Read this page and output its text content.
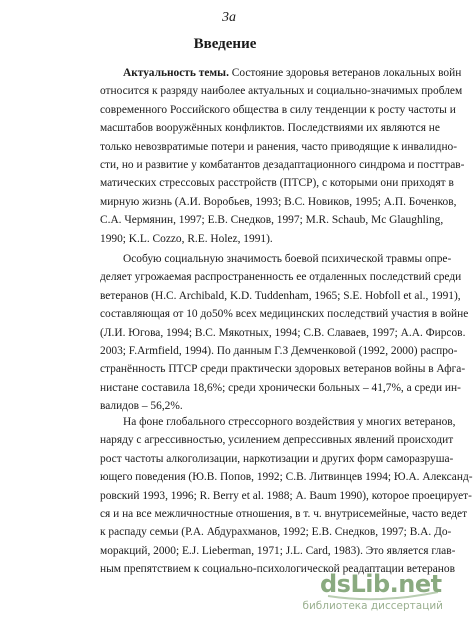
3а
Введение
Актуальность темы. Состояние здоровья ветеранов локальных войн
относится к разряду наиболее актуальных и социально-значимых проблем
современного Российского общества в силу тенденции к росту частоты и
масштабов вооружённых конфликтов. Последствиями их являются не
только невозвратимые потери и ранения, часто приводящие к инвалидно-
сти, но и развитие у комбатантов дезадаптационного синдрома и посттрав-
матических стрессовых расстройств (ПТСР), с которыми они приходят в
мирную жизнь (А.И. Воробьев, 1993; В.С. Новиков, 1995; А.П. Боченков,
С.А. Чермянин, 1997; Е.В. Снедков, 1997; M.R. Schaub, Mc Glaughling,
1990; K.L. Cozzo, R.E. Holez, 1991).
Особую социальную значимость боевой психической травмы опре-
деляет угрожаемая распространенность ее отдаленных последствий среди
ветеранов (H.C. Archibald, K.D. Tuddenham, 1965; S.E. Hobfoll et al., 1991),
составляющая от 10 до50% всех медицинских последствий участия в войне
(Л.И. Югова, 1994; В.С. Мякотных, 1994; С.В. Славаев, 1997; А.А. Фирсов.
2003; F.Armfield, 1994). По данным Г.З Демченковой (1992, 2000) распро-
странённость ПТСР среди практически здоровых ветеранов войны в Афга-
нистане составила 18,6%; среди хронически больных – 41,7%, а среди ин-
валидов – 56,2%.
На фоне глобального стрессорного воздействия у многих ветеранов,
наряду с агрессивностью, усилением депрессивных явлений происходит
рост частоты алкоголизации, наркотизации и других форм саморазруша-
ющего поведения (Ю.В. Попов, 1992; С.В. Литвинцев 1994; Ю.А. Александ-
ровский 1993, 1996; R. Berry et al. 1988; А. Baum 1990), которое проецирует-
ся и на все межличностные отношения, в т. ч. внутрисемейные, часто ведет
к распаду семьи (Р.А. Абдурахманов, 1992; Е.В. Снедков, 1997; В.А. До-
моракций, 2000; E.J. Lieberman, 1971; J.L. Card, 1983). Это является глав-
ным препятствием к социально-психологической реадаптации ветеранов
dsLib.net
библиотека диссертаций
